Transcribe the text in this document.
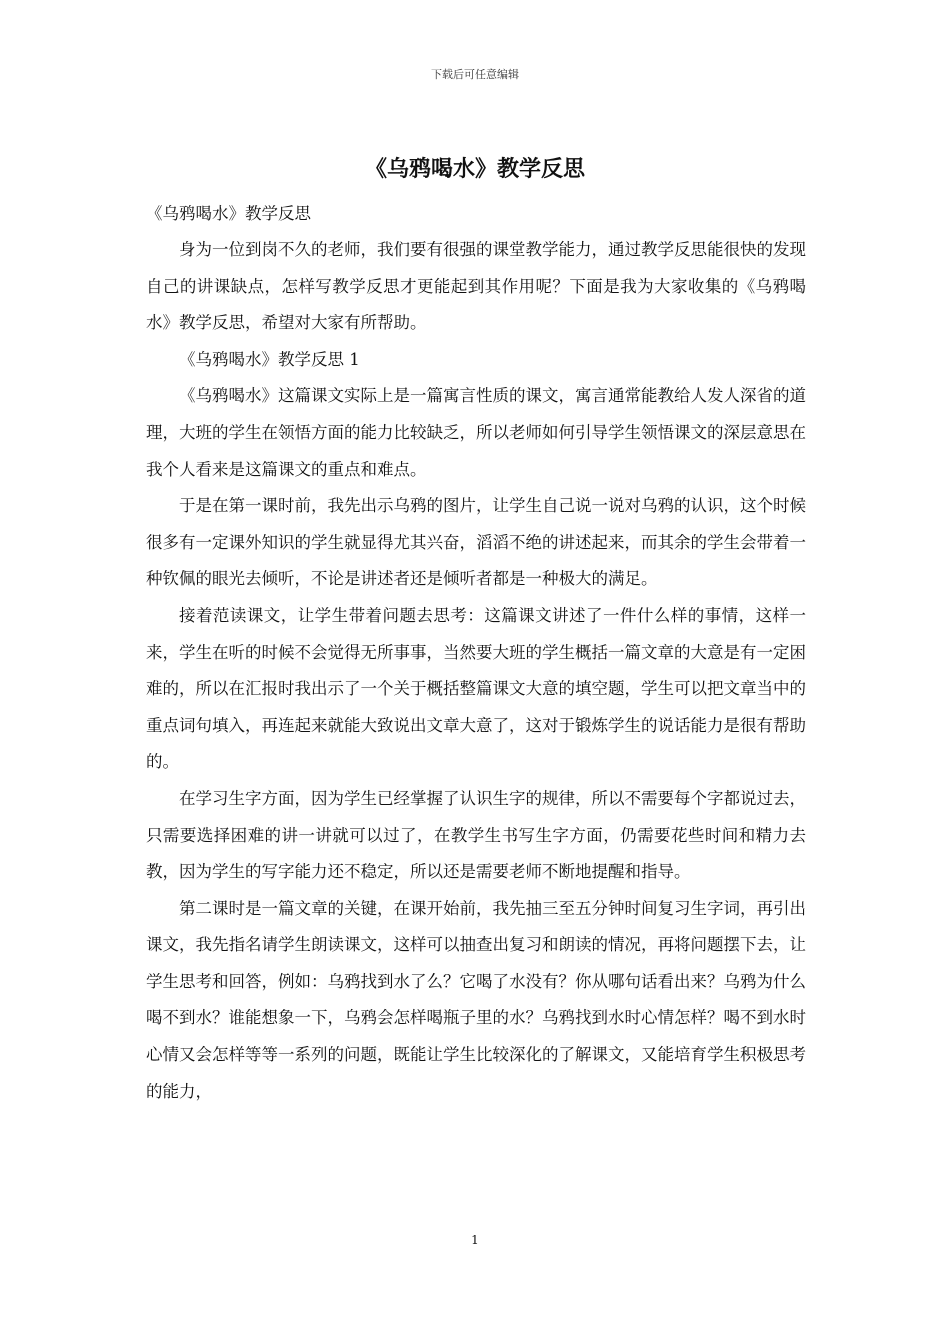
下载后可任意编辑
《乌鸦喝水》教学反思

《乌鸦喝水》教学反思

身为一位到岗不久的老师，我们要有很强的课堂教学能力，通过教学反思能很快的发现自己的讲课缺点，怎样写教学反思才更能起到其作用呢？下面是我为大家收集的《乌鸦喝水》教学反思，希望对大家有所帮助。

《乌鸦喝水》教学反思 1

《乌鸦喝水》这篇课文实际上是一篇寓言性质的课文，寓言通常能教给人发人深省的道理，大班的学生在领悟方面的能力比较缺乏，所以老师如何引导学生领悟课文的深层意思在我个人看来是这篇课文的重点和难点。

于是在第一课时前，我先出示乌鸦的图片，让学生自己说一说对乌鸦的认识，这个时候很多有一定课外知识的学生就显得尤其兴奋，滔滔不绝的讲述起来，而其余的学生会带着一种钦佩的眼光去倾听，不论是讲述者还是倾听者都是一种极大的满足。

接着范读课文，让学生带着问题去思考：这篇课文讲述了一件什么样的事情，这样一来，学生在听的时候不会觉得无所事事，当然要大班的学生概括一篇文章的大意是有一定困难的，所以在汇报时我出示了一个关于概括整篇课文大意的填空题，学生可以把文章当中的重点词句填入，再连起来就能大致说出文章大意了，这对于锻炼学生的说话能力是很有帮助的。

在学习生字方面，因为学生已经掌握了认识生字的规律，所以不需要每个字都说过去，只需要选择困难的讲一讲就可以过了，在教学生书写生字方面，仍需要花些时间和精力去教，因为学生的写字能力还不稳定，所以还是需要老师不断地提醒和指导。

第二课时是一篇文章的关键，在课开始前，我先抽三至五分钟时间复习生字词，再引出课文，我先指名请学生朗读课文，这样可以抽查出复习和朗读的情况，再将问题摆下去，让学生思考和回答，例如：乌鸦找到水了么？它喝了水没有？你从哪句话看出来？乌鸦为什么喝不到水？谁能想象一下，乌鸦会怎样喝瓶子里的水？乌鸦找到水时心情怎样？喝不到水时心情又会怎样等等一系列的问题，既能让学生比较深化的了解课文，又能培育学生积极思考的能力，

1
